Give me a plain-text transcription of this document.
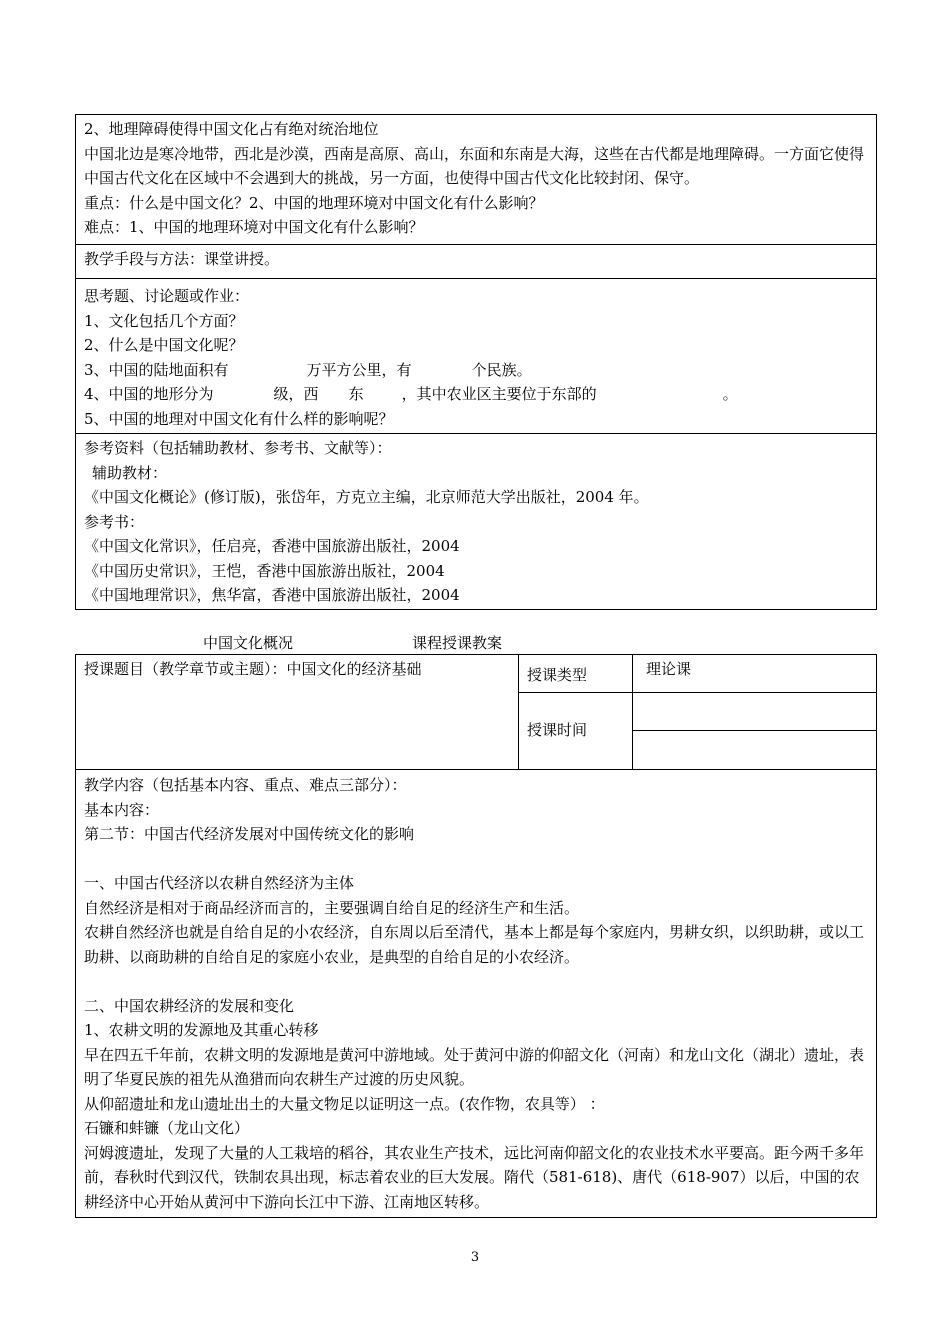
2、地理障碍使得中国文化占有绝对统治地位
中国北边是寒冷地带，西北是沙漠，西南是高原、高山，东面和东南是大海，这些在古代都是地理障碍。一方面它使得中国古代文化在区域中不会遇到大的挑战，另一方面，也使得中国古代文化比较封闭、保守。
重点：什么是中国文化？2、中国的地理环境对中国文化有什么影响？
难点：1、中国的地理环境对中国文化有什么影响？
教学手段与方法：课堂讲授。
思考题、讨论题或作业：
1、文化包括几个方面？
2、什么是中国文化呢？
3、中国的陆地面积有	万平方公里，有	个民族。
4、中国的地形分为	级，西 东	，其中农业区主要位于东部的	。
5、中国的地理对中国文化有什么样的影响呢？
参考资料（包括辅助教材、参考书、文献等）：
辅助教材：
《中国文化概论》(修订版)，张岱年，方克立主编，北京师范大学出版社，2004 年。
参考书：
《中国文化常识》，任启亮，香港中国旅游出版社，2004
《中国历史常识》，王恺，香港中国旅游出版社，2004
《中国地理常识》，焦华富，香港中国旅游出版社，2004
中国文化概况	课程授课教案
授课题目（教学章节或主题）：中国文化的经济基础	授课类型	理论课
授课时间
教学内容（包括基本内容、重点、难点三部分）：
基本内容：
第二节：中国古代经济发展对中国传统文化的影响
一、中国古代经济以农耕自然经济为主体
自然经济是相对于商品经济而言的，主要强调自给自足的经济生产和生活。
农耕自然经济也就是自给自足的小农经济，自东周以后至清代，基本上都是每个家庭内，男耕女织，以织助耕，或以工助耕、以商助耕的自给自足的家庭小农业，是典型的自给自足的小农经济。
二、中国农耕经济的发展和变化
1、农耕文明的发源地及其重心转移
早在四五千年前，农耕文明的发源地是黄河中游地域。处于黄河中游的仰韶文化（河南）和龙山文化（湖北）遗址，表明了华夏民族的祖先从渔猎而向农耕生产过渡的历史风貌。
从仰韶遗址和龙山遗址出土的大量文物足以证明这一点。(农作物，农具等） ：
石镰和蚌镰（龙山文化）
河姆渡遗址，发现了大量的人工栽培的稻谷，其农业生产技术，远比河南仰韶文化的农业技术水平要高。距今两千多年前，春秋时代到汉代，铁制农具出现，标志着农业的巨大发展。隋代（581-618)、唐代（618-907）以后，中国的农耕经济中心开始从黄河中下游向长江中下游、江南地区转移。
3
